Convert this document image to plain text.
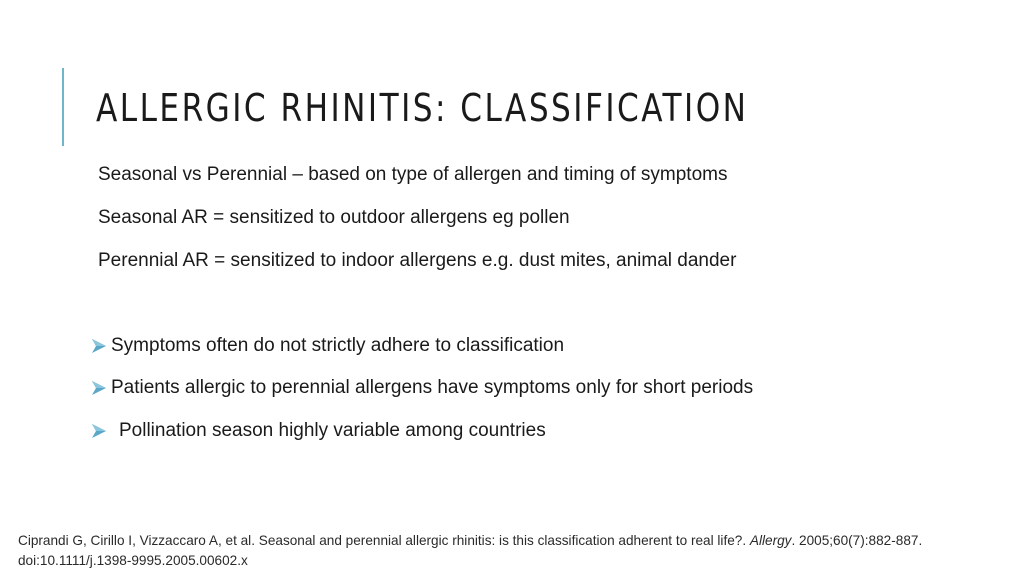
ALLERGIC RHINITIS: CLASSIFICATION

Seasonal vs Perennial – based on type of allergen and timing of symptoms

Seasonal AR = sensitized to outdoor allergens eg pollen

Perennial AR = sensitized to indoor allergens e.g. dust mites, animal dander

Symptoms often do not strictly adhere to classification
Patients allergic to perennial allergens have symptoms only for short periods
Pollination season highly variable among countries

Ciprandi G, Cirillo I, Vizzaccaro A, et al. Seasonal and perennial allergic rhinitis: is this classification adherent to real life?. Allergy. 2005;60(7):882-887. doi:10.1111/j.1398-9995.2005.00602.x
